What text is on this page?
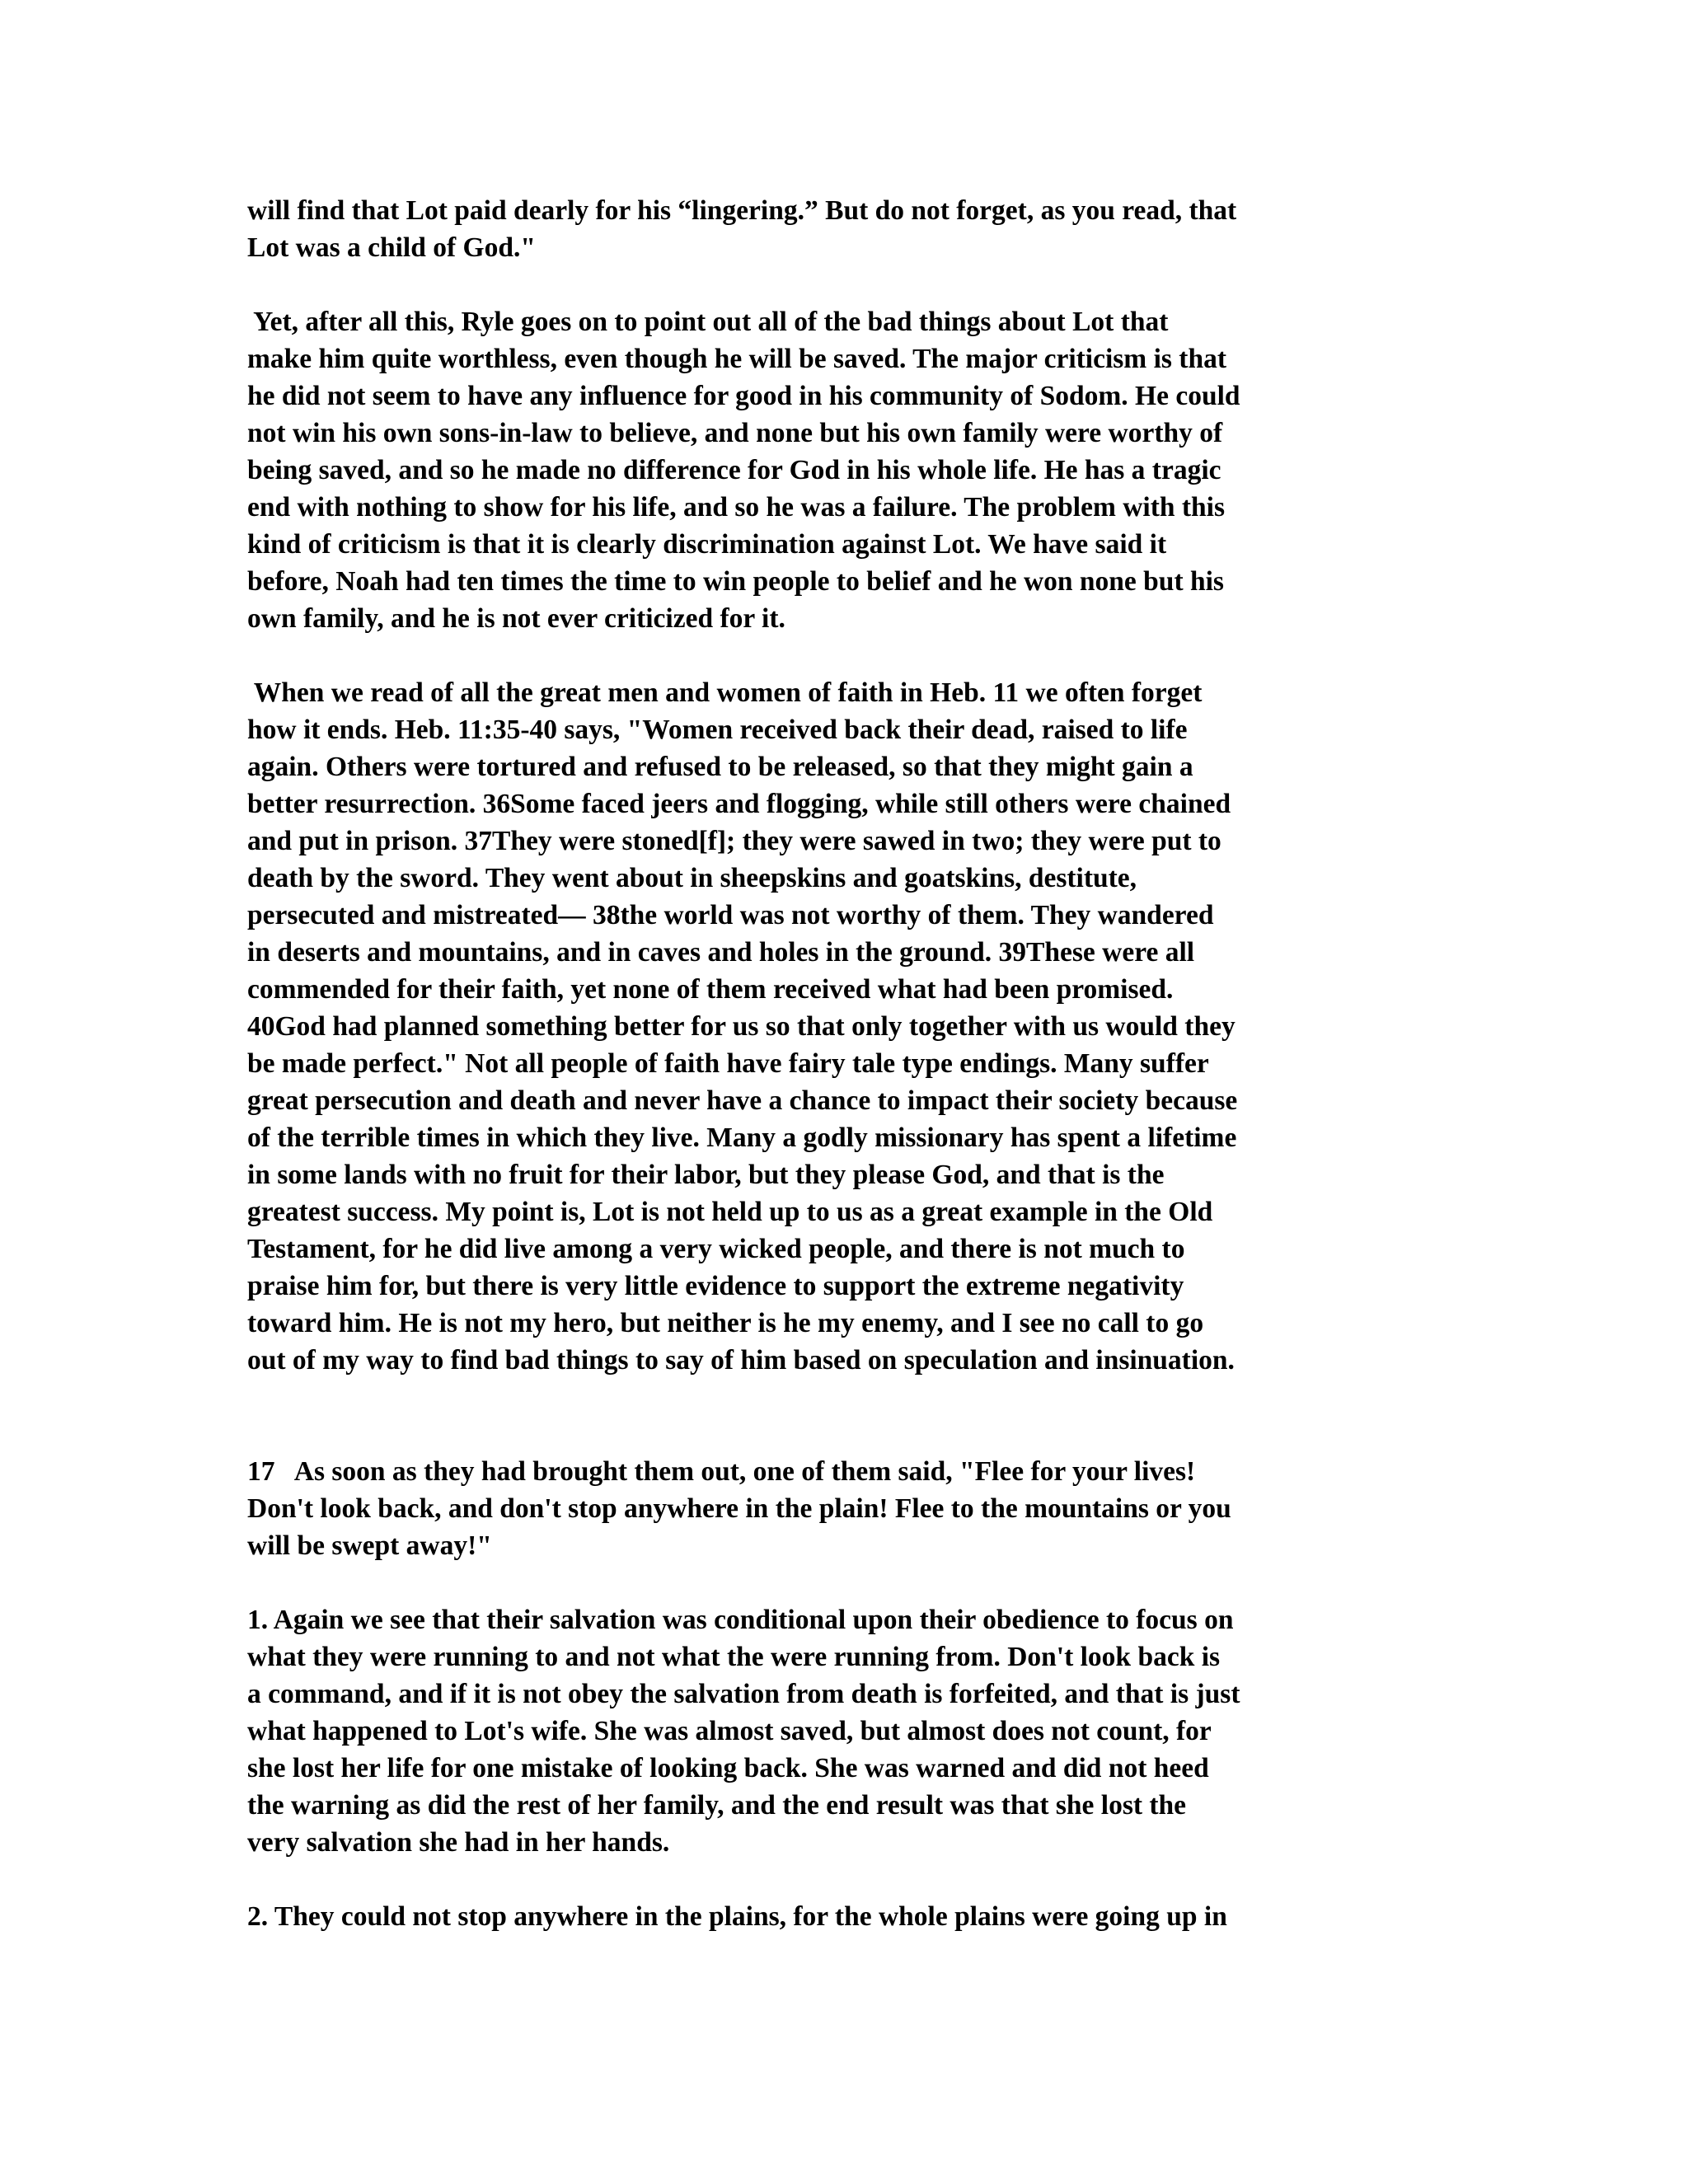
will find that Lot paid dearly for his “lingering.” But do not forget, as you read, that
Lot was a child of God."
Yet, after all this, Ryle goes on to point out all of the bad things about Lot that
make him quite worthless, even though he will be saved. The major criticism is that
he did not seem to have any influence for good in his community of Sodom. He could
not win his own sons-in-law to believe, and none but his own family were worthy of
being saved, and so he made no difference for God in his whole life. He has a tragic
end with nothing to show for his life, and so he was a failure. The problem with this
kind of criticism is that it is clearly discrimination against Lot. We have said it
before, Noah had ten times the time to win people to belief and he won none but his
own family, and he is not ever criticized for it.
When we read of all the great men and women of faith in Heb. 11 we often forget
how it ends. Heb. 11:35-40 says, "Women received back their dead, raised to life
again. Others were tortured and refused to be released, so that they might gain a
better resurrection. 36Some faced jeers and flogging, while still others were chained
and put in prison. 37They were stoned[f]; they were sawed in two; they were put to
death by the sword. They went about in sheepskins and goatskins, destitute,
persecuted and mistreated— 38the world was not worthy of them. They wandered
in deserts and mountains, and in caves and holes in the ground. 39These were all
commended for their faith, yet none of them received what had been promised.
40God had planned something better for us so that only together with us would they
be made perfect." Not all people of faith have fairy tale type endings. Many suffer
great persecution and death and never have a chance to impact their society because
of the terrible times in which they live. Many a godly missionary has spent a lifetime
in some lands with no fruit for their labor, but they please God, and that is the
greatest success. My point is, Lot is not held up to us as a great example in the Old
Testament, for he did live among a very wicked people, and there is not much to
praise him for, but there is very little evidence to support the extreme negativity
toward him. He is not my hero, but neither is he my enemy, and I see no call to go
out of my way to find bad things to say of him based on speculation and insinuation.
17   As soon as they had brought them out, one of them said, "Flee for your lives!
Don't look back, and don't stop anywhere in the plain! Flee to the mountains or you
will be swept away!"
1. Again we see that their salvation was conditional upon their obedience to focus on
what they were running to and not what the were running from. Don't look back is
a command, and if it is not obey the salvation from death is forfeited, and that is just
what happened to Lot's wife. She was almost saved, but almost does not count, for
she lost her life for one mistake of looking back. She was warned and did not heed
the warning as did the rest of her family, and the end result was that she lost the
very salvation she had in her hands.
2. They could not stop anywhere in the plains, for the whole plains were going up in
